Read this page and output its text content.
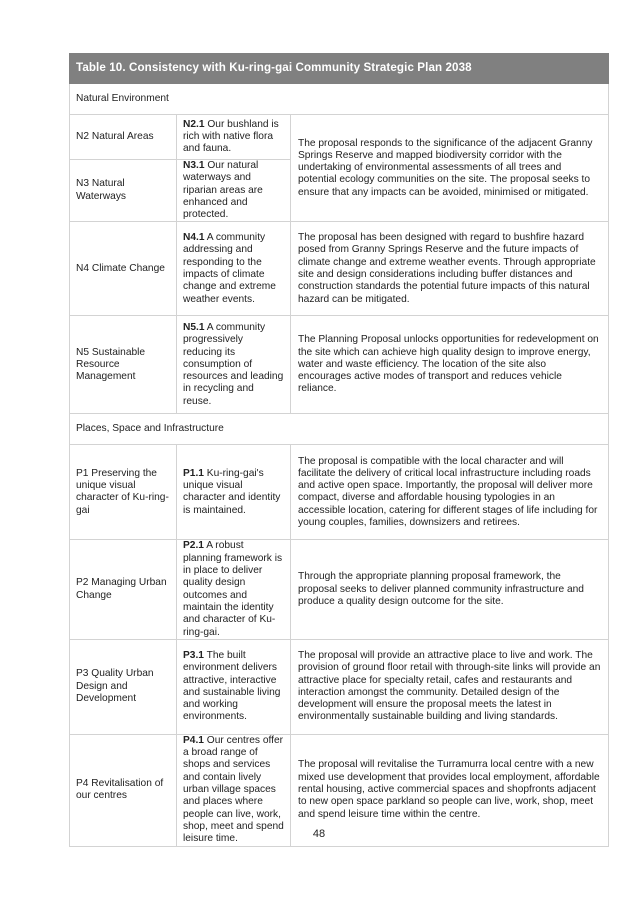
Table 10. Consistency with Ku-ring-gai Community Strategic Plan 2038		
Natural Environment		
N2 Natural Areas	N2.1 Our bushland is rich with native flora and fauna.	The proposal responds to the significance of the adjacent Granny Springs Reserve and mapped biodiversity corridor with the undertaking of environmental assessments of all trees and potential ecology communities on the site. The proposal seeks to ensure that any impacts can be avoided, minimised or mitigated.
N3 Natural Waterways	N3.1 Our natural waterways and riparian areas are enhanced and protected.	
N4 Climate Change	N4.1 A community addressing and responding to the impacts of climate change and extreme weather events.	The proposal has been designed with regard to bushfire hazard posed from Granny Springs Reserve and the future impacts of climate change and extreme weather events. Through appropriate site and design considerations including buffer distances and construction standards the potential future impacts of this natural hazard can be mitigated.
N5 Sustainable Resource Management	N5.1 A community progressively reducing its consumption of resources and leading in recycling and reuse.	The Planning Proposal unlocks opportunities for redevelopment on the site which can achieve high quality design to improve energy, water and waste efficiency. The location of the site also encourages active modes of transport and reduces vehicle reliance.
Places, Space and Infrastructure		
P1 Preserving the unique visual character of Ku-ring-gai	P1.1 Ku-ring-gai's unique visual character and identity is maintained.	The proposal is compatible with the local character and will facilitate the delivery of critical local infrastructure including roads and active open space. Importantly, the proposal will deliver more compact, diverse and affordable housing typologies in an accessible location, catering for different stages of life including for young couples, families, downsizers and retirees.
P2 Managing Urban Change	P2.1 A robust planning framework is in place to deliver quality design outcomes and maintain the identity and character of Ku-ring-gai.	Through the appropriate planning proposal framework, the proposal seeks to deliver planned community infrastructure and produce a quality design outcome for the site.
P3 Quality Urban Design and Development	P3.1 The built environment delivers attractive, interactive and sustainable living and working environments.	The proposal will provide an attractive place to live and work. The provision of ground floor retail with through-site links will provide an attractive place for specialty retail, cafes and restaurants and interaction amongst the community. Detailed design of the development will ensure the proposal meets the latest in environmentally sustainable building and living standards.
P4 Revitalisation of our centres	P4.1 Our centres offer a broad range of shops and services and contain lively urban village spaces and places where people can live, work, shop, meet and spend leisure time.	The proposal will revitalise the Turramurra local centre with a new mixed use development that provides local employment, affordable rental housing, active commercial spaces and shopfronts adjacent to new open space parkland so people can live, work, shop, meet and spend leisure time within the centre.
48
